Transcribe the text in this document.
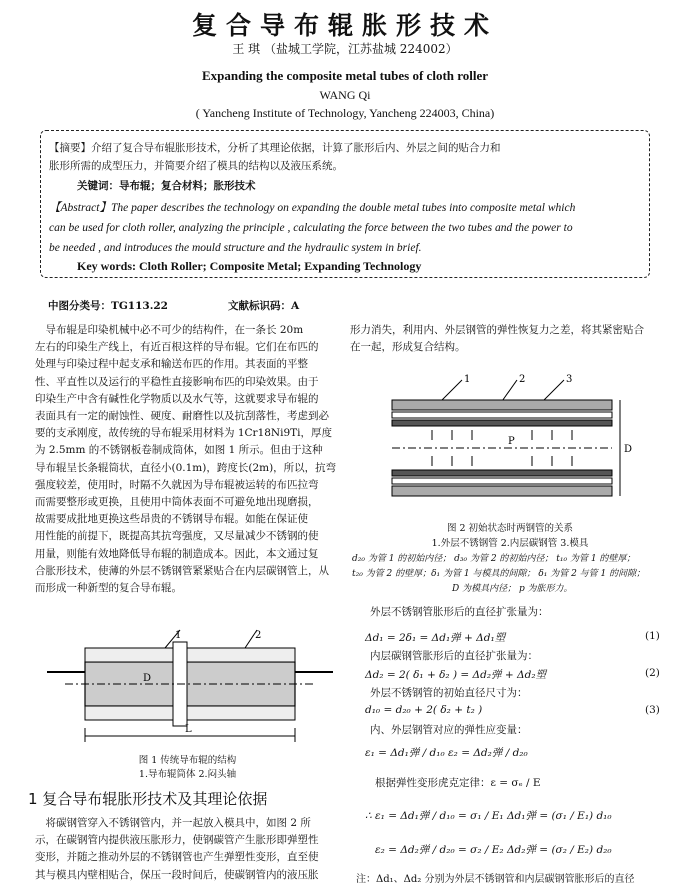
复合导布辊胀形技术
王 琪 （盐城工学院，江苏盐城 224002）
Expanding the composite metal tubes of cloth roller
WANG Qi
( Yancheng Institute of Technology, Yancheng 224003, China)
【摘要】介绍了复合导布辊胀形技术，分析了其理论依据，计算了胀形后内、外层之间的贴合力和
胀形所需的成型压力，并简要介绍了模具的结构以及液压系统。
关键词：导布辊；复合材料；胀形技术
【Abstract】The paper describes the technology on expanding the double metal tubes into composite metal which
can be used for cloth roller, analyzing the principle , calculating the force between the two tubes and the power to
be needed , and introduces the mould structure and the hydraulic system in brief.
Key words: Cloth Roller; Composite Metal; Expanding Technology
中图分类号：TG113.22	文献标识码：A
　导布辊是印染机械中必不可少的结构件，在一条长 20m
左右的印染生产线上，有近百根这样的导布辊。它们在布匹的
处理与印染过程中起支承和输送布匹的作用。其表面的平整
性、平直性以及运行的平稳性直接影响布匹的印染效果。由于
印染生产中含有碱性化学物质以及水气等，这就要求导布辊的
表面具有一定的耐蚀性、硬度、耐磨性以及抗刮落性，考虑到必
要的支承刚度，故传统的导布辊采用材料为 1Cr18Ni9Ti，厚度
为 2.5mm 的不锈钢板卷制成筒体，如图 1 所示。但由于这种
导布辊呈长条辊筒状，直径小(0.1m)，跨度长(2m)，所以，抗弯
强度较差，使用时，时隔不久就因为导布辊被运转的布匹拉弯
而需要整形或更换，且使用中筒体表面不可避免地出现磨损，
故需要成批地更换这些昂贵的不锈钢导布辊。如能在保证使
用性能的前提下，既提高其抗弯强度，又尽量减少不锈钢的使
用量，则能有效地降低导布辊的制造成本。因此，本文通过复
合胀形技术，使薄的外层不锈钢管紧紧贴合在内层碳钢管上，从
而形成一种新型的复合导布辊。
1	2
D
L
图 1 传统导布辊的结构
1.导布辊筒体 2.闷头轴
1 复合导布辊胀形技术及其理论依据
　将碳钢管穿入不锈钢管内，并一起放入模具中，如图 2 所
示，在碳钢管内提供液压胀形力，使钢碳管产生胀形即弹塑性
变形，并随之推动外层的不锈钢管也产生弹塑性变形，直至使
其与模具内壁相贴合，保压一段时间后，使碳钢管内的液压胀
形力消失，利用内、外层钢管的弹性恢复力之差，将其紧密贴合
在一起，形成复合结构。
1	2	3
P
D
图 2 初始状态时两钢管的关系
1.外层不锈钢管 2.内层碳钢管 3.模具
d₂₀ 为管 1 的初始内径； d₃₀ 为管 2 的初始内径； t₁₀ 为管 1 的壁厚；
t₂₀ 为管 2 的壁厚；δ₁ 为管 1 与模具的间隙； δ₁ 为管 2 与管 1 的间隙；
D 为模具内径； p 为胀形力。
外层不锈钢管胀形后的直径扩张量为：
Δd₁ = 2δ₁ = Δd₁弹 + Δd₁塑	(1)
内层碳钢管胀形后的直径扩张量为：
Δd₂ = 2( δ₁ + δ₂ ) = Δd₂弹 + Δd₂塑	(2)
外层不锈钢管的初始直径尺寸为：
d₁₀ = d₂₀ + 2( δ₂ + t₂ )	(3)
内、外层钢管对应的弹性应变量：
ε₁ = Δd₁弹 / d₁₀ ε₂ = Δd₂弹 / d₂₀
根据弹性变形虎克定律：ε = σₑ / E
∴ ε₁ = Δd₁弹 / d₁₀ = σ₁ / E₁ Δd₁弹 = (σ₁ / E₁) d₁₀
ε₂ = Δd₂弹 / d₂₀ = σ₂ / E₂ Δd₂弹 = (σ₂ / E₂) d₂₀
注：Δd₁、Δd₂ 分别为外层不锈钢管和内层碳钢管胀形后的直径
